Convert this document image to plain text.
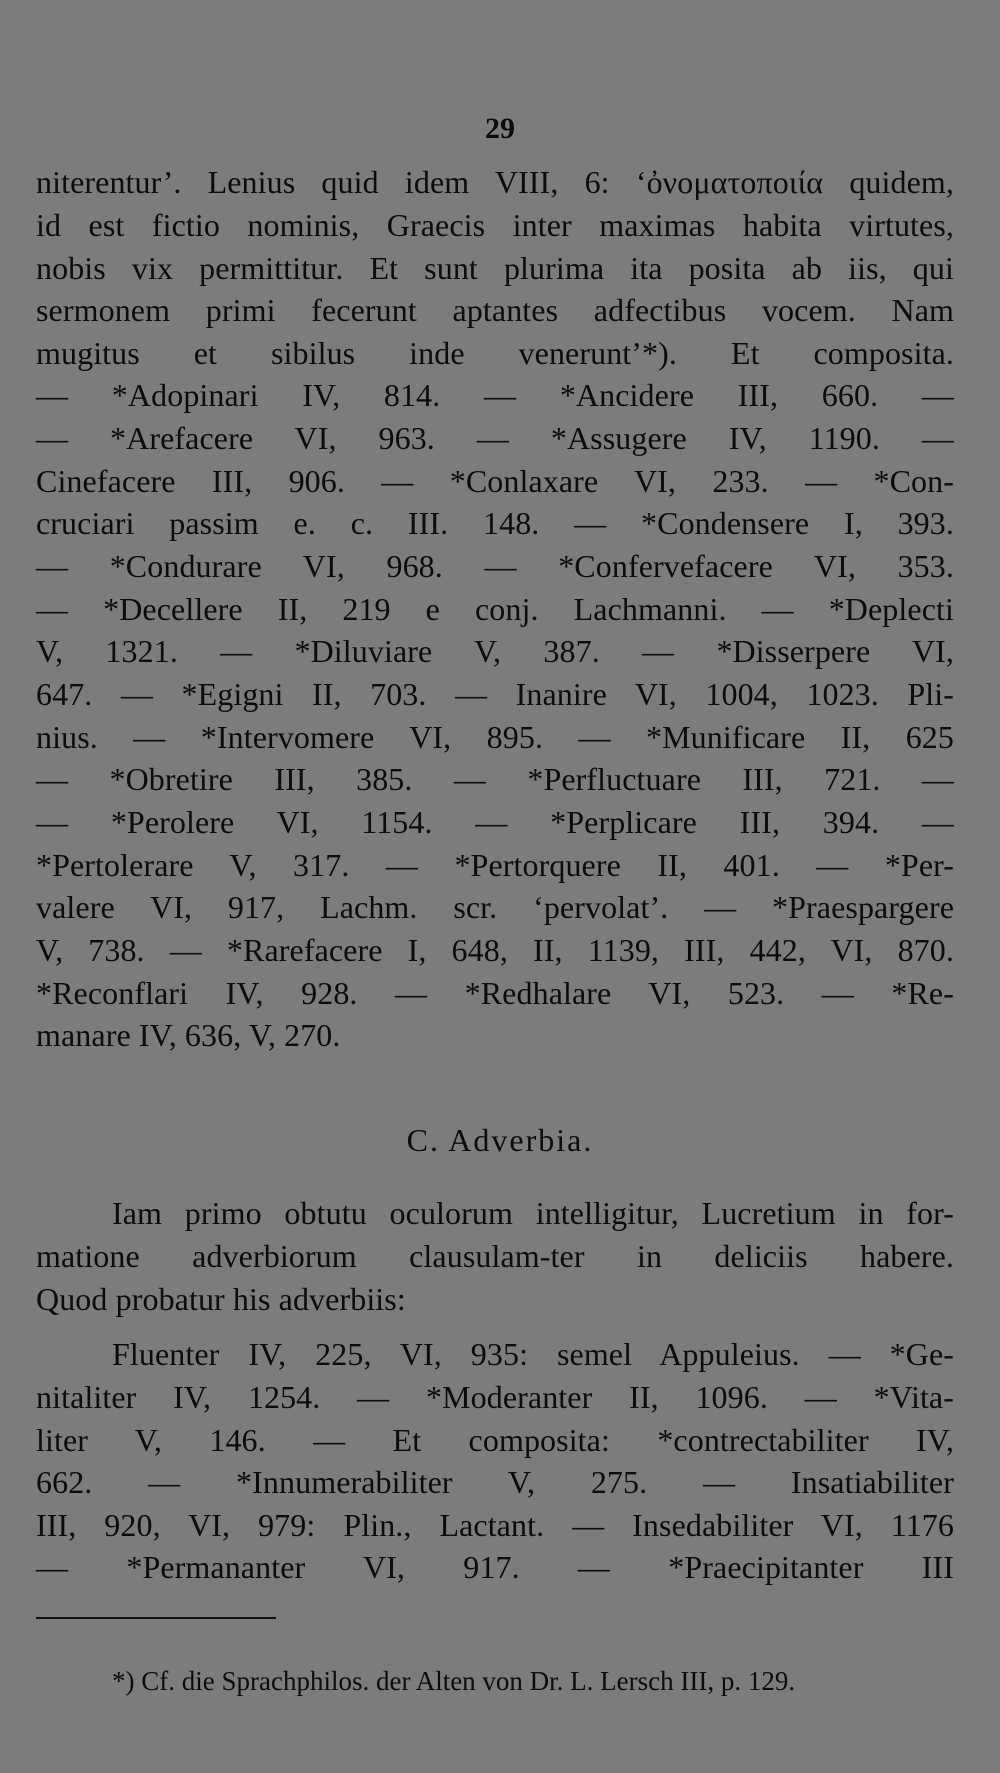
29
niterentur’. Lenius quid idem VIII, 6: ‘ὀνοματοποιία quidem,
id est fictio nominis, Graecis inter maximas habita virtutes,
nobis vix permittitur. Et sunt plurima ita posita ab iis, qui
sermonem primi fecerunt aptantes adfectibus vocem. Nam
mugitus et sibilus inde venerunt’*). Et composita.
— *Adopinari IV, 814. — *Ancidere III, 660. —
— *Arefacere VI, 963. — *Assugere IV, 1190. —
Cinefacere III, 906. — *Conlaxare VI, 233. — *Con-
cruciari passim e. c. III. 148. — *Condensere I, 393.
— *Condurare VI, 968. — *Confervefacere VI, 353.
— *Decellere II, 219 e conj. Lachmanni. — *Deplecti
V, 1321. — *Diluviare V, 387. — *Disserpere VI,
647. — *Egigni II, 703. — Inanire VI, 1004, 1023. Pli-
nius. — *Intervomere VI, 895. — *Munificare II, 625
— *Obretire III, 385. — *Perfluctuare III, 721. —
— *Perolere VI, 1154. — *Perplicare III, 394. —
*Pertolerare V, 317. — *Pertorquere II, 401. — *Per-
valere VI, 917, Lachm. scr. ‘pervolat’. — *Praespargere
V, 738. — *Rarefacere I, 648, II, 1139, III, 442, VI, 870.
*Reconflari IV, 928. — *Redhalare VI, 523. — *Re-
manare IV, 636, V, 270.
C. Adverbia.
Iam primo obtutu oculorum intelligitur, Lucretium in for-
matione adverbiorum clausulam-ter in deliciis habere.
Quod probatur his adverbiis:
Fluenter IV, 225, VI, 935: semel Appuleius. — *Ge-
nitaliter IV, 1254. — *Moderanter II, 1096. — *Vita-
liter V, 146. — Et composita: *contrectabiliter IV,
662. — *Innumerabiliter V, 275. — Insatiabiliter
III, 920, VI, 979: Plin., Lactant. — Insedabiliter VI, 1176
— *Permananter VI, 917. — *Praecipitanter III
*) Cf. die Sprachphilos. der Alten von Dr. L. Lersch III, p. 129.
